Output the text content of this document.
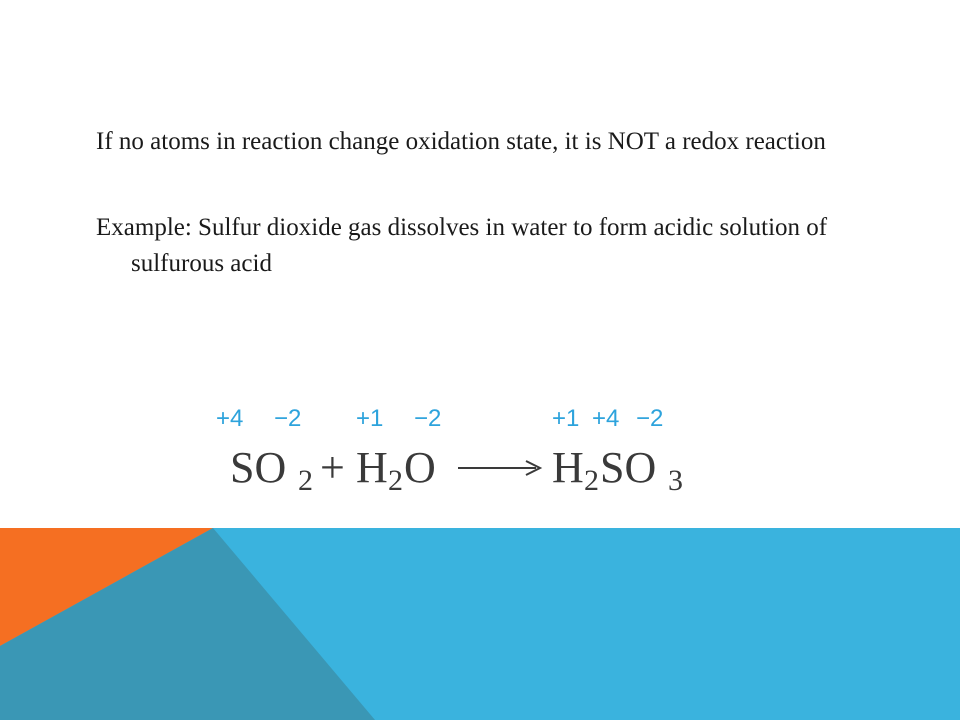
If no atoms in reaction change oxidation state, it is NOT a redox reaction
Example: Sulfur dioxide gas dissolves in water to form acidic solution of sulfurous acid
+4 −2 +1 −2	+1 +4 −2
SO 2 + H 2 O	H 2 SO 3
